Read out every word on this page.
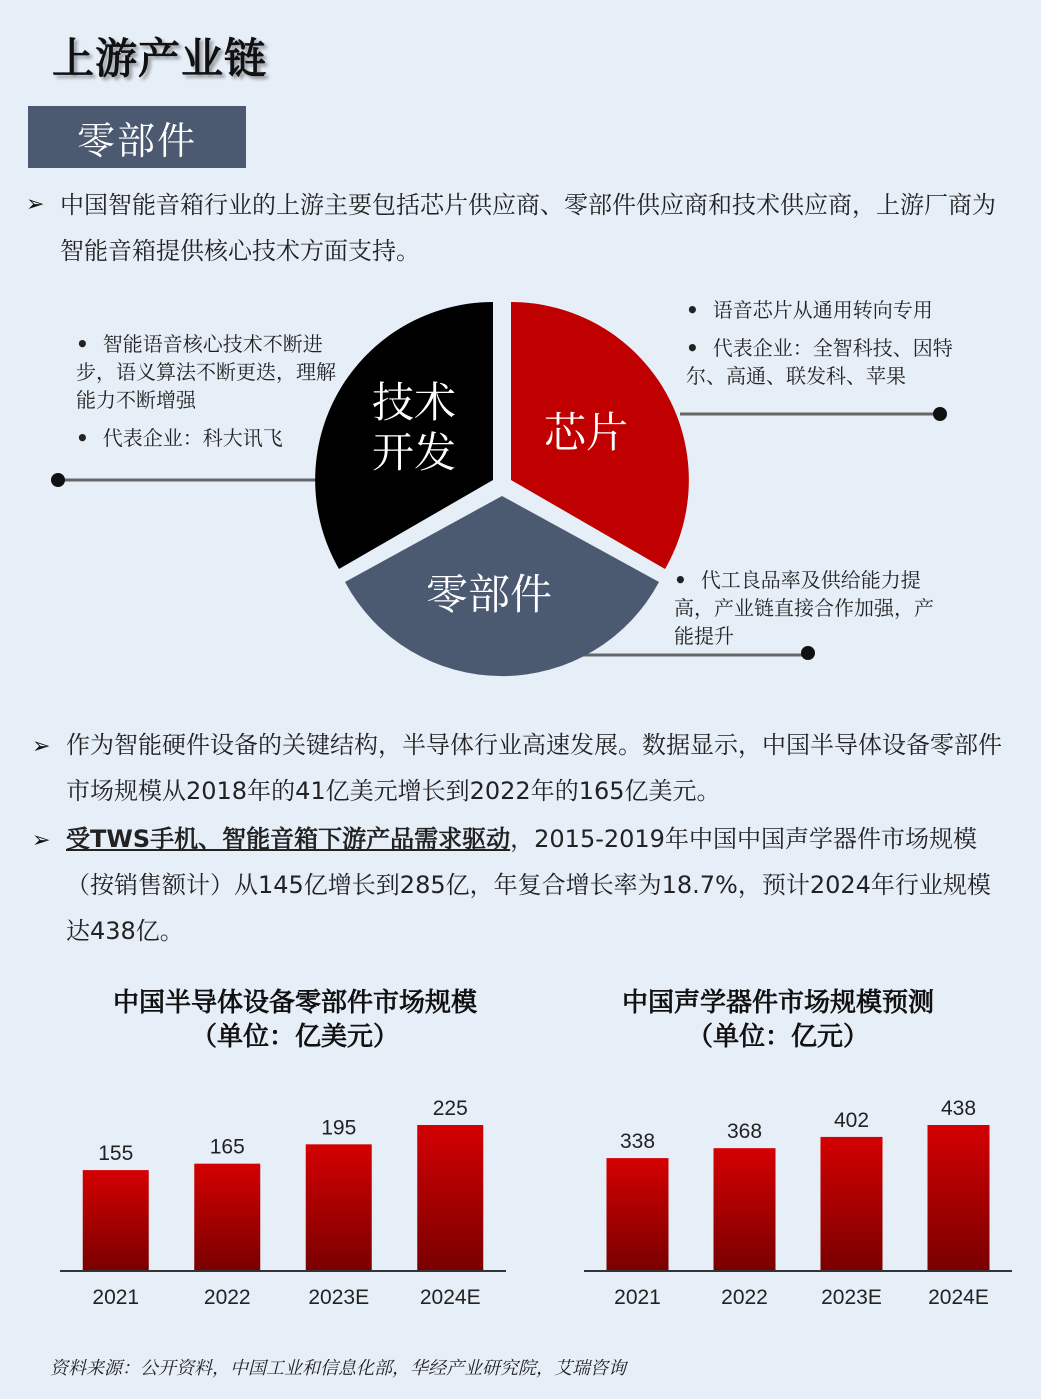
上游产业链
零部件
➢ 中国智能音箱行业的上游主要包括芯片供应商、零部件供应商和技术供应商，上游厂商为智能音箱提供核心技术方面支持。
技术
开发	芯片
零部件
• 智能语音核心技术不断进步，语义算法不断更迭，理解能力不断增强
• 代表企业：科大讯飞
• 语音芯片从通用转向专用
• 代表企业：全智科技、因特尔、高通、联发科、苹果
• 代工良品率及供给能力提高，产业链直接合作加强，产能提升
➢ 作为智能硬件设备的关键结构，半导体行业高速发展。数据显示，中国半导体设备零部件市场规模从2018年的41亿美元增长到2022年的165亿美元。
➢ 受TWS手机、智能音箱下游产品需求驱动，2015-2019年中国中国声学器件市场规模（按销售额计）从145亿增长到285亿，年复合增长率为18.7%，预计2024年行业规模达438亿。
中国半导体设备零部件市场规模
（单位：亿美元）
中国声学器件市场规模预测
（单位：亿元）
155
2021
165
2022
195
2023E
225
2024E
338
2021
368
2022
402
2023E
438
2024E
资料来源：公开资料，中国工业和信息化部，华经产业研究院，艾瑞咨询
